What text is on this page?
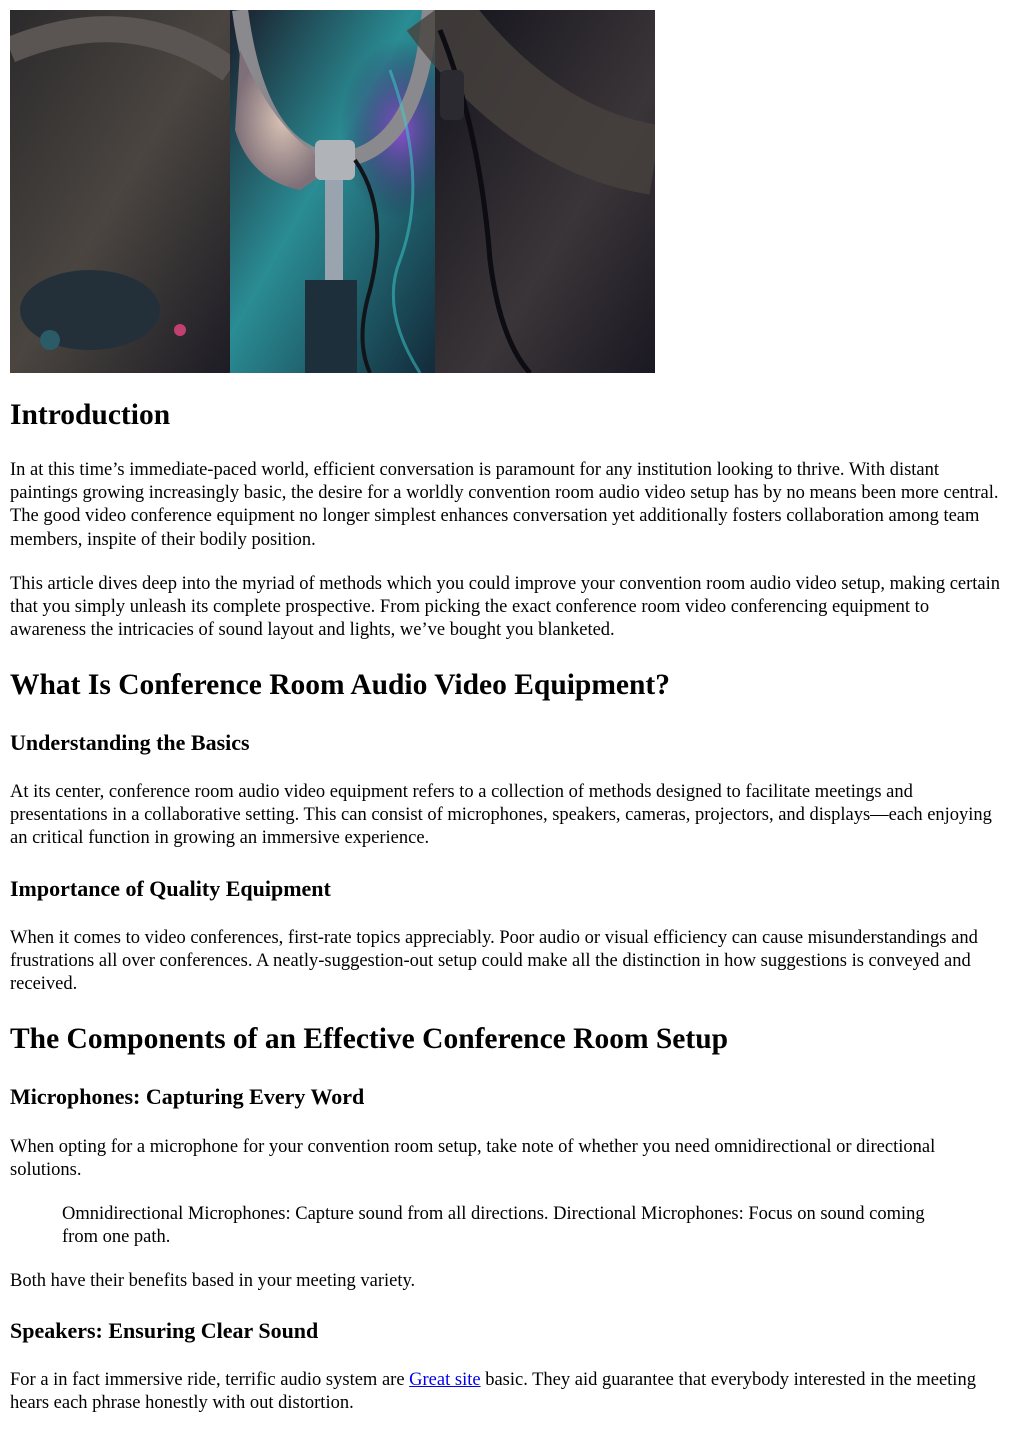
Introduction

In at this time’s immediate-paced world, efficient conversation is paramount for any institution looking to thrive. With distant paintings growing increasingly basic, the desire for a worldly convention room audio video setup has by no means been more central. The good video conference equipment no longer simplest enhances conversation yet additionally fosters collaboration among team members, inspite of their bodily position.

This article dives deep into the myriad of methods which you could improve your convention room audio video setup, making certain that you simply unleash its complete prospective. From picking the exact conference room video conferencing equipment to awareness the intricacies of sound layout and lights, we’ve bought you blanketed.

What Is Conference Room Audio Video Equipment?
Understanding the Basics

At its center, conference room audio video equipment refers to a collection of methods designed to facilitate meetings and presentations in a collaborative setting. This can consist of microphones, speakers, cameras, projectors, and displays—each enjoying an critical function in growing an immersive experience.

Importance of Quality Equipment

When it comes to video conferences, first-rate topics appreciably. Poor audio or visual efficiency can cause misunderstandings and frustrations all over conferences. A neatly-suggestion-out setup could make all the distinction in how suggestions is conveyed and received.

The Components of an Effective Conference Room Setup
Microphones: Capturing Every Word

When opting for a microphone for your convention room setup, take note of whether you need omnidirectional or directional solutions.

Omnidirectional Microphones: Capture sound from all directions. Directional Microphones: Focus on sound coming from one path.

Both have their benefits based in your meeting variety.

Speakers: Ensuring Clear Sound

For a in fact immersive ride, terrific audio system are Great site basic. They aid guarantee that everybody interested in the meeting hears each phrase honestly with out distortion.
